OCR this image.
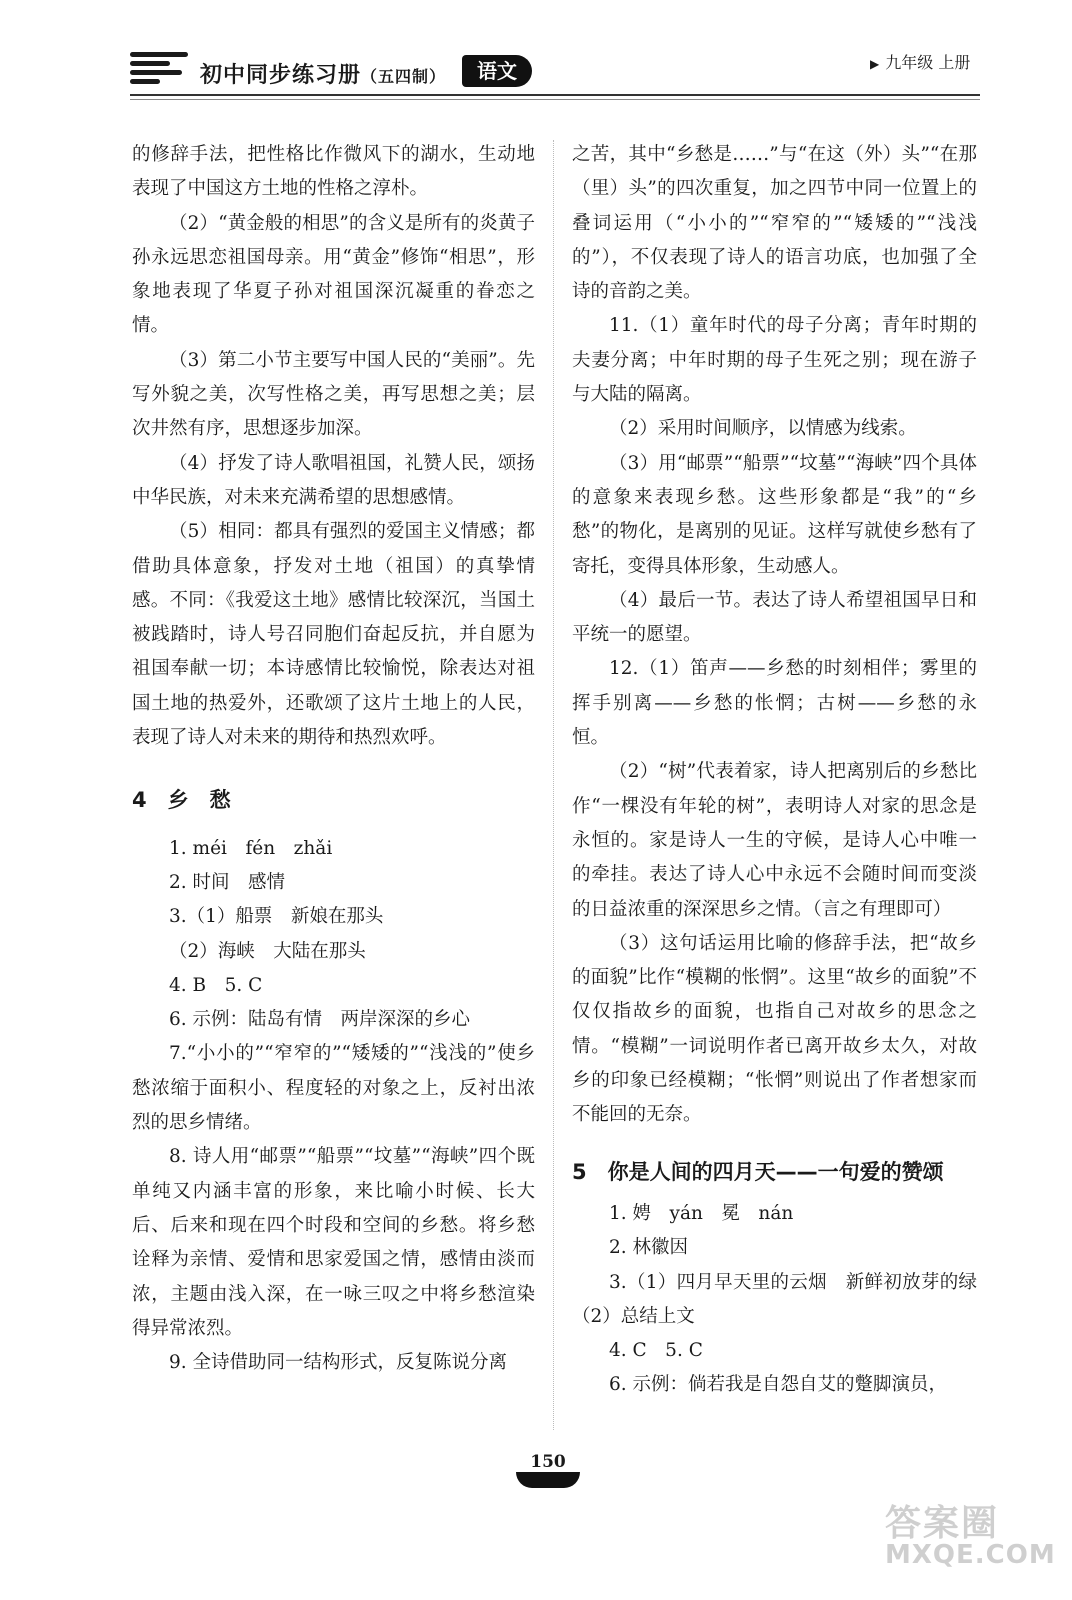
初中同步练习册（五四制）	语文
▶	九年级 上册

的修辞手法，把性格比作微风下的湖水，生动地表现了中国这方土地的性格之淳朴。

（2）“黄金般的相思”的含义是所有的炎黄子孙永远思恋祖国母亲。用“黄金”修饰“相思”，形象地表现了华夏子孙对祖国深沉凝重的眷恋之情。

（3）第二小节主要写中国人民的“美丽”。先写外貌之美，次写性格之美，再写思想之美；层次井然有序，思想逐步加深。

（4）抒发了诗人歌唱祖国，礼赞人民，颂扬中华民族，对未来充满希望的思想感情。

（5）相同：都具有强烈的爱国主义情感；都借助具体意象，抒发对土地（祖国）的真挚情感。不同：《我爱这土地》感情比较深沉，当国土被践踏时，诗人号召同胞们奋起反抗，并自愿为祖国奉献一切；本诗感情比较愉悦，除表达对祖国土地的热爱外，还歌颂了这片土地上的人民，表现了诗人对未来的期待和热烈欢呼。

4　乡　愁

1. méi　fén　zhǎi

2. 时间　感情

3.（1）船票　新娘在那头

（2）海峡　大陆在那头

4. B　5. C

6. 示例：陆岛有情　两岸深深的乡心

7.“小小的”“窄窄的”“矮矮的”“浅浅的”使乡愁浓缩于面积小、程度轻的对象之上，反衬出浓烈的思乡情绪。

8. 诗人用“邮票”“船票”“坟墓”“海峡”四个既单纯又内涵丰富的形象，来比喻小时候、长大后、后来和现在四个时段和空间的乡愁。将乡愁诠释为亲情、爱情和思家爱国之情，感情由淡而浓，主题由浅入深，在一咏三叹之中将乡愁渲染得异常浓烈。

9. 全诗借助同一结构形式，反复陈说分离

之苦，其中“乡愁是……”与“在这（外）头”“在那（里）头”的四次重复，加之四节中同一位置上的叠词运用（“小小的”“窄窄的”“矮矮的”“浅浅的”），不仅表现了诗人的语言功底，也加强了全诗的音韵之美。

11.（1）童年时代的母子分离；青年时期的夫妻分离；中年时期的母子生死之别；现在游子与大陆的隔离。

（2）采用时间顺序，以情感为线索。

（3）用“邮票”“船票”“坟墓”“海峡”四个具体的意象来表现乡愁。这些形象都是“我”的“乡愁”的物化，是离别的见证。这样写就使乡愁有了寄托，变得具体形象，生动感人。

（4）最后一节。表达了诗人希望祖国早日和平统一的愿望。

12.（1）笛声——乡愁的时刻相伴；雾里的挥手别离——乡愁的怅惘；古树——乡愁的永恒。

（2）“树”代表着家，诗人把离别后的乡愁比作“一棵没有年轮的树”，表明诗人对家的思念是永恒的。家是诗人一生的守候，是诗人心中唯一的牵挂。表达了诗人心中永远不会随时间而变淡的日益浓重的深深思乡之情。（言之有理即可）

（3）这句话运用比喻的修辞手法，把“故乡的面貌”比作“模糊的怅惘”。这里“故乡的面貌”不仅仅指故乡的面貌，也指自己对故乡的思念之情。“模糊”一词说明作者已离开故乡太久，对故乡的印象已经模糊；“怅惘”则说出了作者想家而不能回的无奈。

5　你是人间的四月天——一句爱的赞颂

1. 娉　yán　冕　nán

2. 林徽因

3.（1）四月早天里的云烟　新鲜初放芽的绿　（2）总结上文

4. C　5. C

6. 示例：倘若我是自怨自艾的蹩脚演员，

150
答案圈
MXQE.COM
